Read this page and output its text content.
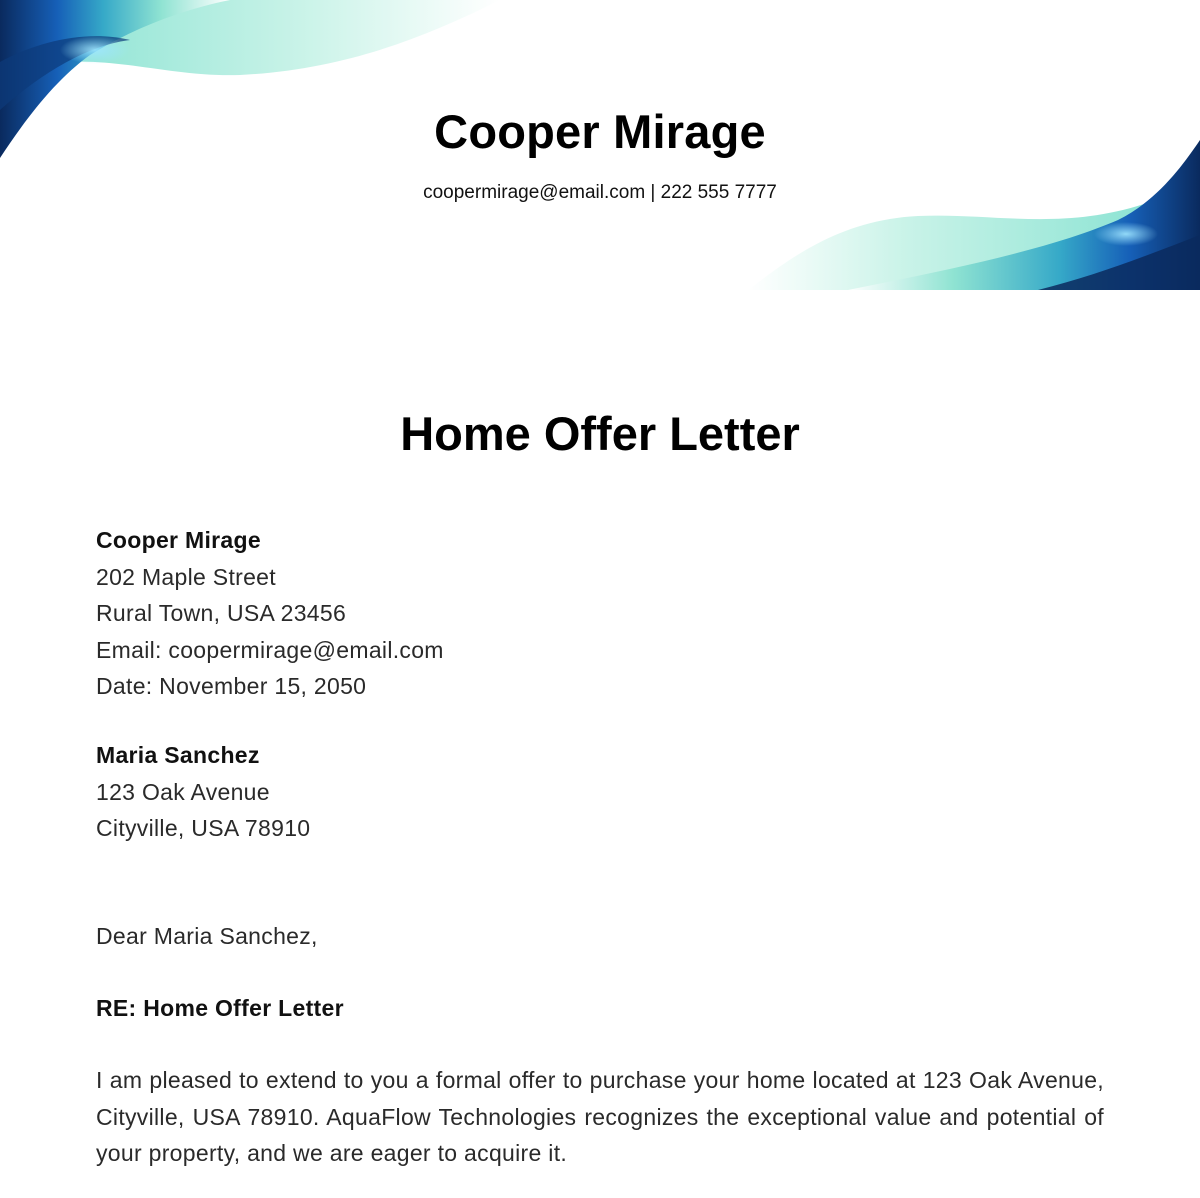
Cooper Mirage

coopermirage@email.com | 222 555 7777

Home Offer Letter
Cooper Mirage
202 Maple Street
Rural Town, USA 23456
Email: coopermirage@email.com
Date: November 15, 2050
Maria Sanchez
123 Oak Avenue
Cityville, USA 78910
Dear Maria Sanchez,
RE: Home Offer Letter
I am pleased to extend to you a formal offer to purchase your home located at 123 Oak Avenue, Cityville, USA 78910. AquaFlow Technologies recognizes the exceptional value and potential of your property, and we are eager to acquire it.
